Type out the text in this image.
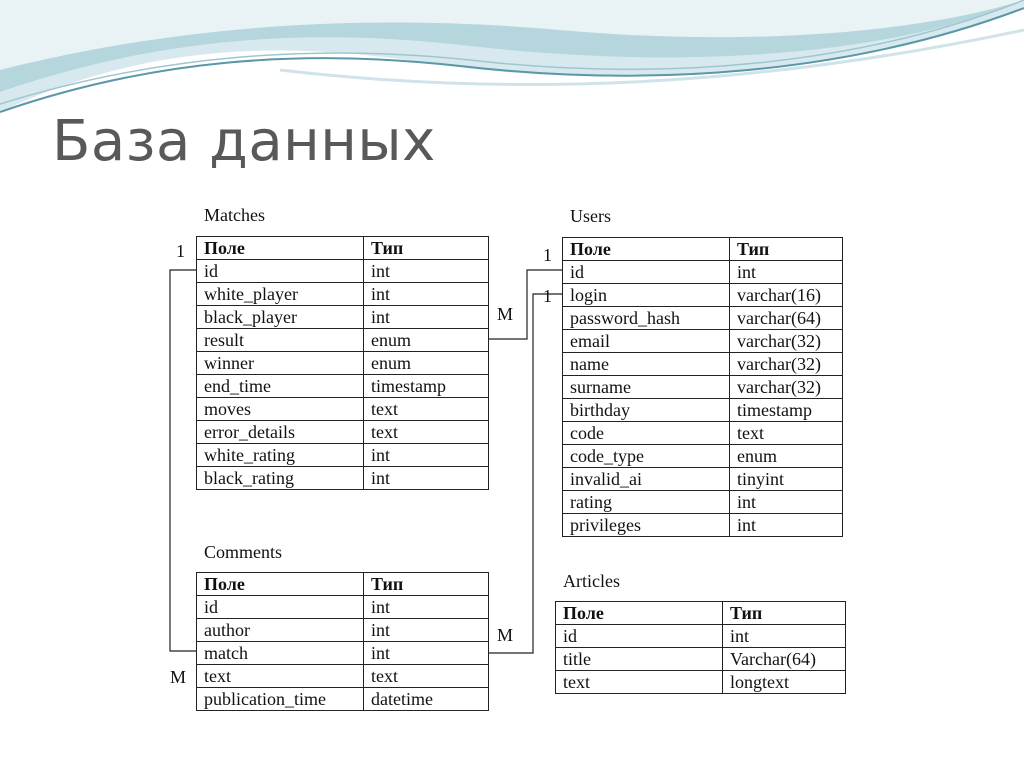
База данных
1
M
1
1
M
M
Matches
Поле	Тип
id	int
white_player	int
black_player	int
result	enum
winner	enum
end_time	timestamp
moves	text
error_details	text
white_rating	int
black_rating	int
Users
Поле	Тип
id	int
login	varchar(16)
password_hash	varchar(64)
email	varchar(32)
name	varchar(32)
surname	varchar(32)
birthday	timestamp
code	text
code_type	enum
invalid_ai	tinyint
rating	int
privileges	int
Comments
Поле	Тип
id	int
author	int
match	int
text	text
publication_time	datetime
Articles
Поле	Тип
id	int
title	Varchar(64)
text	longtext
